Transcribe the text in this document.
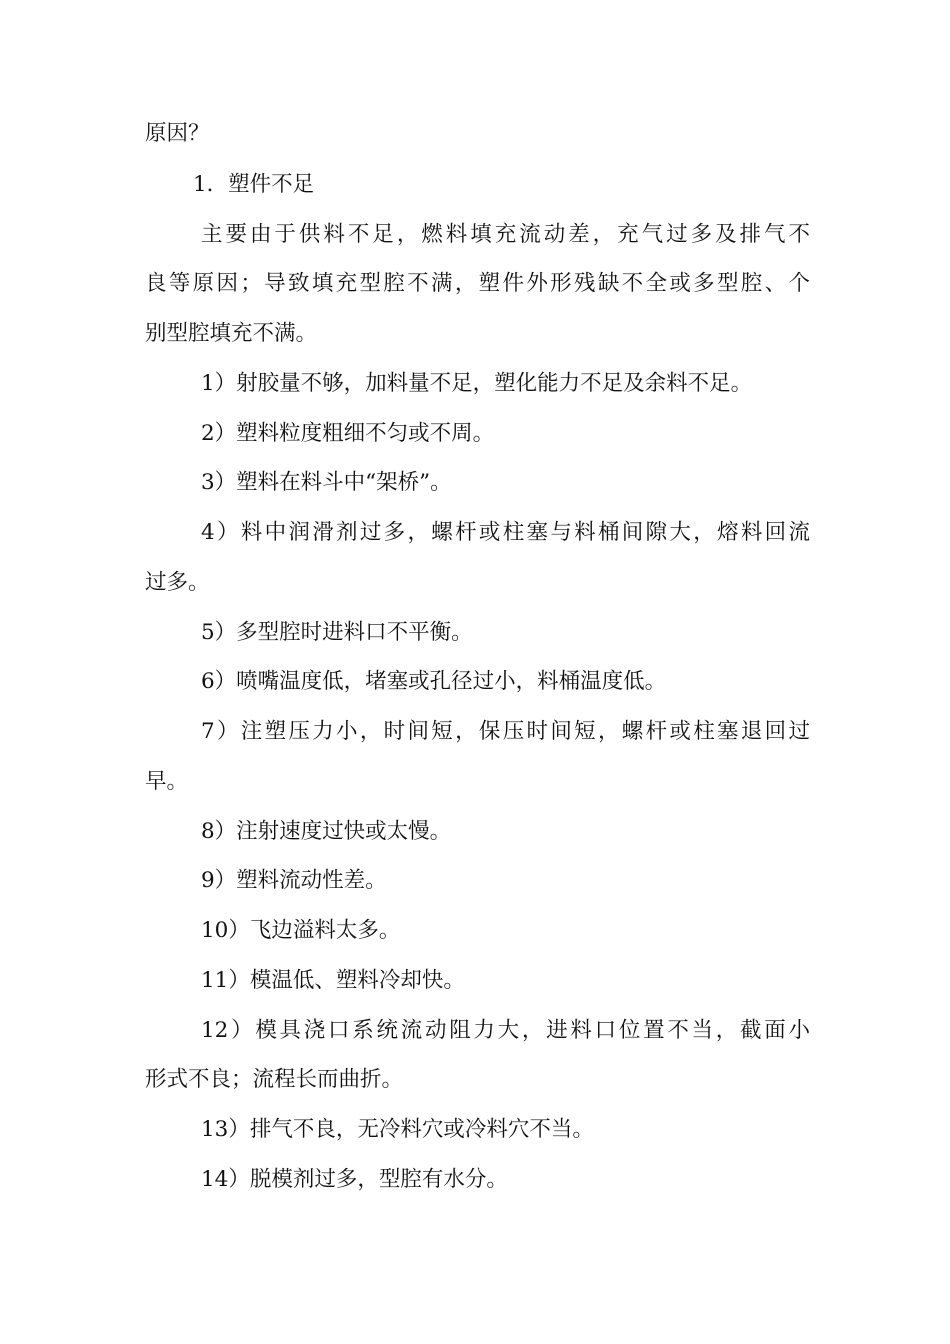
原因？
1．塑件不足
主要由于供料不足，燃料填充流动差，充气过多及排气不
良等原因；导致填充型腔不满，塑件外形残缺不全或多型腔、个
别型腔填充不满。
1）射胶量不够，加料量不足，塑化能力不足及余料不足。
2）塑料粒度粗细不匀或不周。
3）塑料在料斗中“架桥”。
4）料中润滑剂过多，螺杆或柱塞与料桶间隙大，熔料回流
过多。
5）多型腔时进料口不平衡。
6）喷嘴温度低，堵塞或孔径过小，料桶温度低。
7）注塑压力小，时间短，保压时间短，螺杆或柱塞退回过
早。
8）注射速度过快或太慢。
9）塑料流动性差。
10）飞边溢料太多。
11）模温低、塑料冷却快。
12）模具浇口系统流动阻力大，进料口位置不当，截面小
形式不良；流程长而曲折。
13）排气不良，无冷料穴或冷料穴不当。
14）脱模剂过多，型腔有水分。
